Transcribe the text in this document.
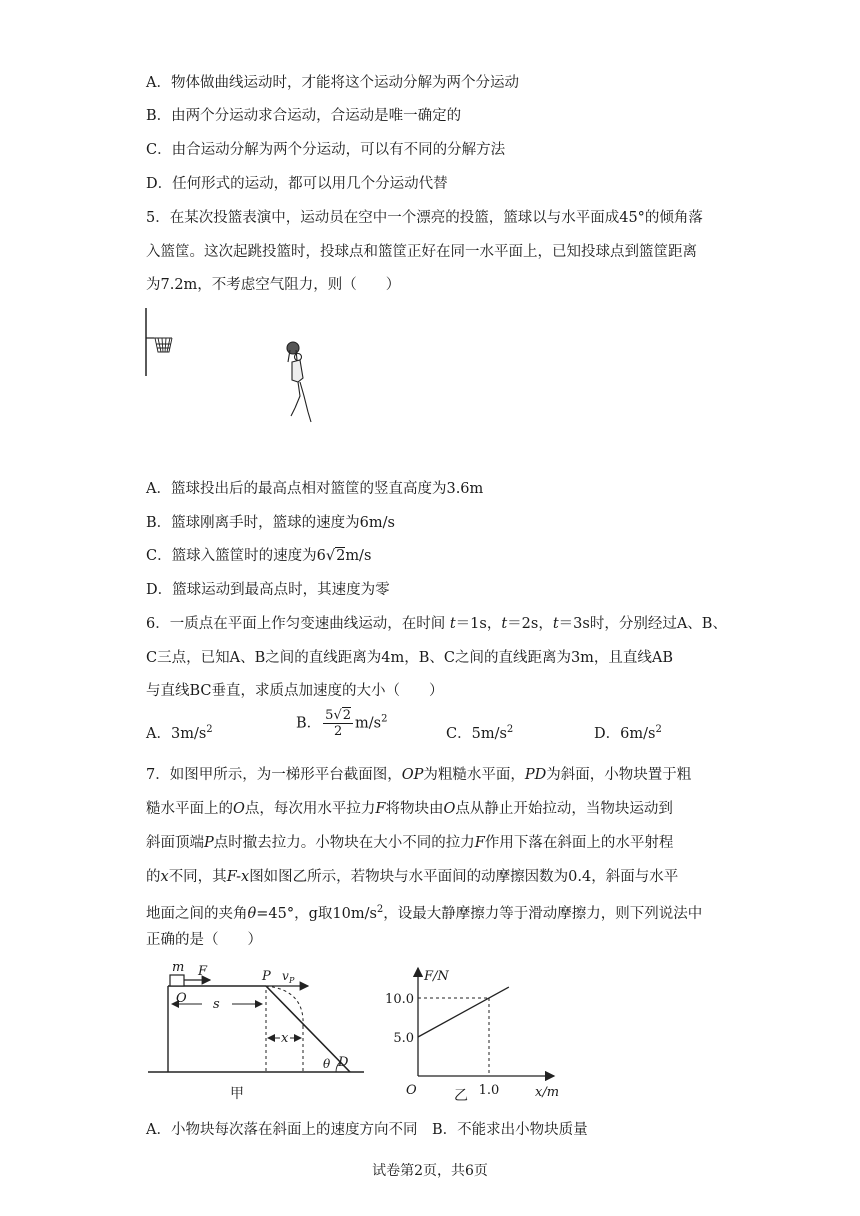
A．物体做曲线运动时，才能将这个运动分解为两个分运动
B．由两个分运动求合运动，合运动是唯一确定的
C．由合运动分解为两个分运动，可以有不同的分解方法
D．任何形式的运动，都可以用几个分运动代替
5．在某次投篮表演中，运动员在空中一个漂亮的投篮，篮球以与水平面成45°的倾角落
入篮筐。这次起跳投篮时，投球点和篮筐正好在同一水平面上，已知投球点到篮筐距离
为7.2m，不考虑空气阻力，则（　　）
A．篮球投出后的最高点相对篮筐的竖直高度为3.6m
B．篮球刚离手时，篮球的速度为6m/s
C．篮球入篮筐时的速度为6√2m/s
D．篮球运动到最高点时，其速度为零
6．一质点在平面上作匀变速曲线运动，在时间 t＝1s，t＝2s，t＝3s时，分别经过A、B、
C三点，已知A、B之间的直线距离为4m，B、C之间的直线距离为3m，且直线AB
与直线BC垂直，求质点加速度的大小（　　）
A．$3m/s^2$	B． $\frac{5√2}{2} m/s^2$
C．$5m/s^2$	D．$6m/s^2$
7．如图甲所示，为一梯形平台截面图，OP为粗糙水平面，PD为斜面，小物块置于粗
糙水平面上的O点，每次用水平拉力F将物块由O点从静止开始拉动，当物块运动到
斜面顶端P点时撤去拉力。小物块在大小不同的拉力F作用下落在斜面上的水平射程
的x不同，其F-x图如图乙所示，若物块与水平面间的动摩擦因数为0.4，斜面与水平
地面之间的夹角θ=45°，g取$10m/s^2$，设最大静摩擦力等于滑动摩擦力，则下列说法中
正确的是（　　）
m F	P v P
O s
x
θ D
甲
F/N
x/m
O
10.0
5.0
1.0
乙
A．小物块每次落在斜面上的速度方向不同　 B．不能求出小物块质量
试卷第2页，共6页
